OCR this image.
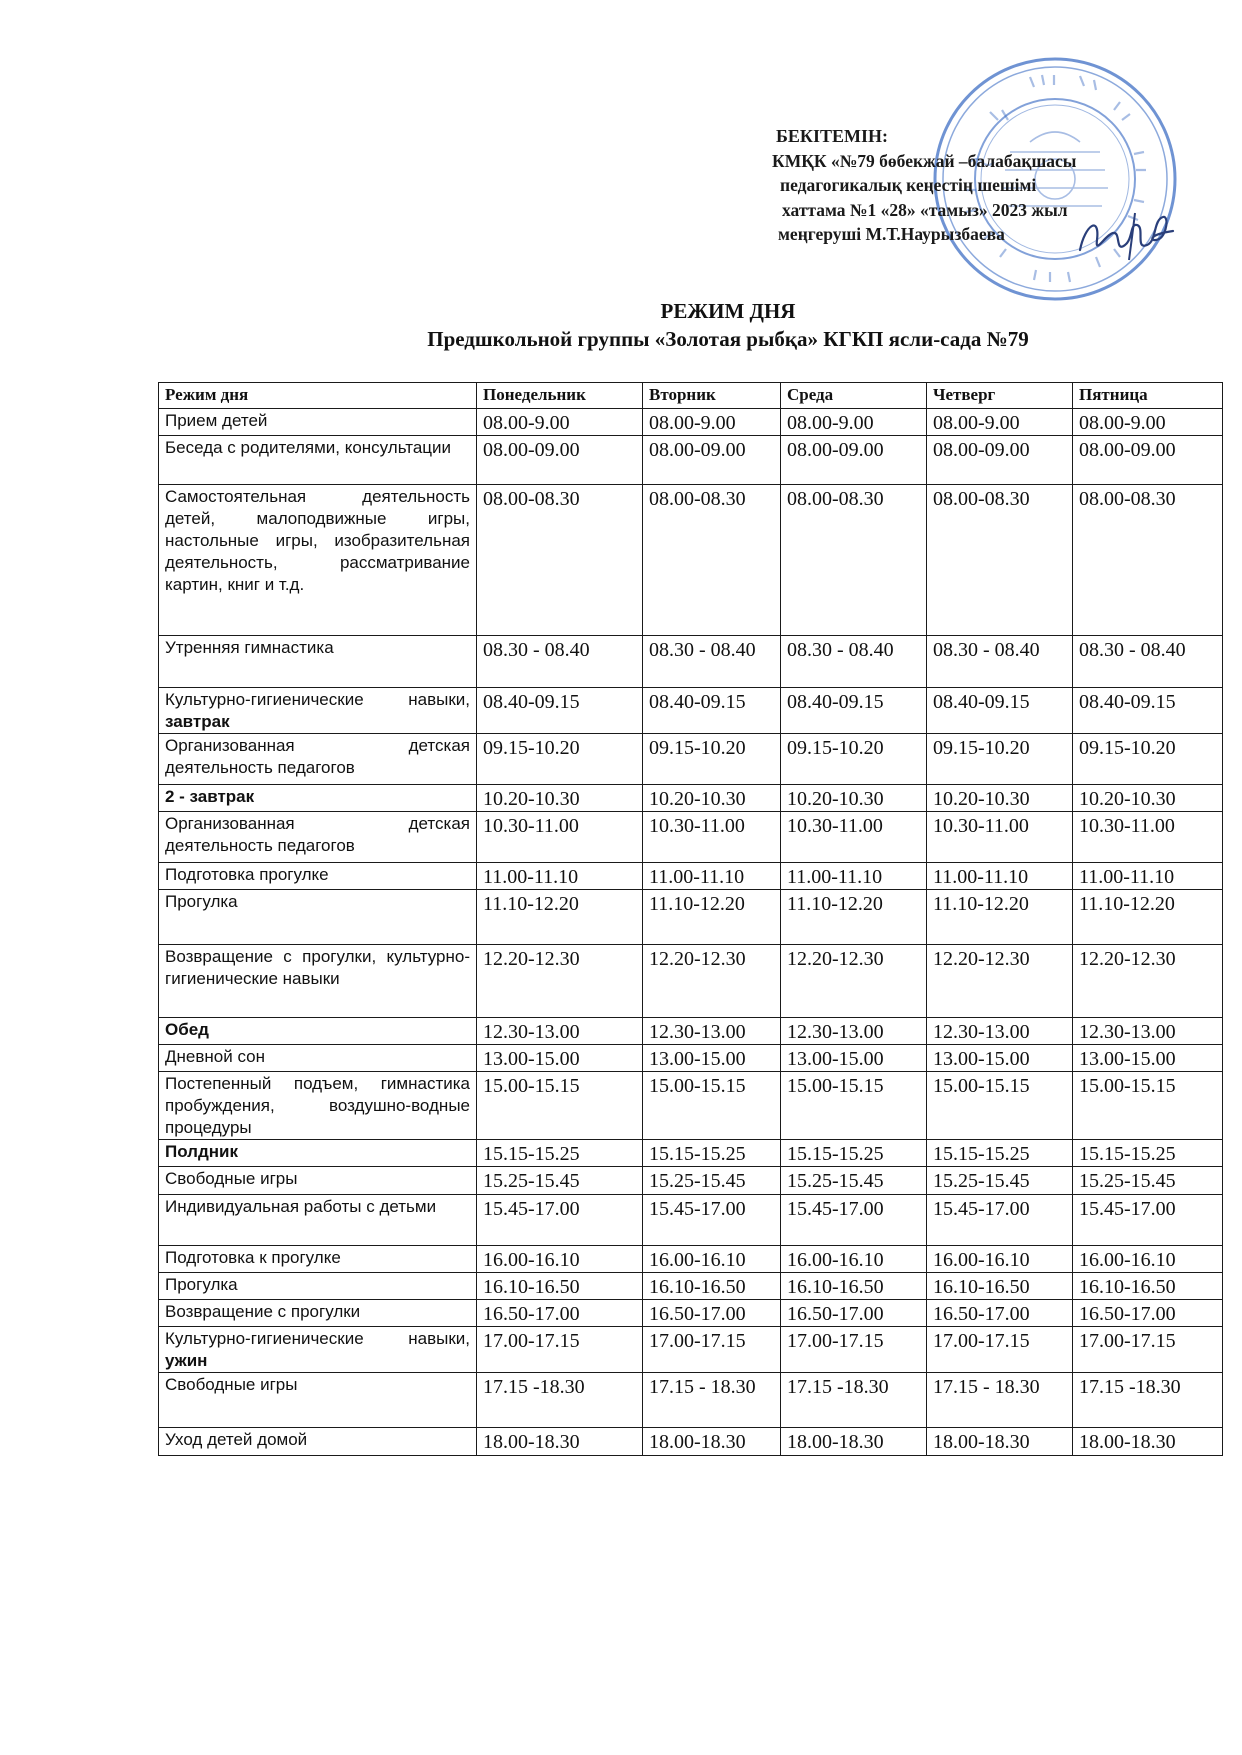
БЕКІТЕМІН:
КМҚК «№79 бөбекжай –балабақшасы
педагогикалық кеңестің шешімі
хаттама №1 «28» «тамыз» 2023 жыл
меңгеруші М.Т.Наурызбаева
РЕЖИМ ДНЯ
Предшкольной группы «Золотая рыбқа» КГКП ясли-сада №79
Режим дня	Понедельник	Вторник	Среда	Четверг	Пятница
Прием детей	08.00-9.00	08.00-9.00	08.00-9.00	08.00-9.00	08.00-9.00
Беседа с родителями, консультации	08.00-09.00	08.00-09.00	08.00-09.00	08.00-09.00	08.00-09.00
Самостоятельная деятельность детей, малоподвижные игры, настольные игры, изобразительная деятельность, рассматривание картин, книг и т.д.	08.00-08.30	08.00-08.30	08.00-08.30	08.00-08.30	08.00-08.30
Утренняя гимнастика	08.30 - 08.40	08.30 - 08.40	08.30 - 08.40	08.30 - 08.40	08.30 - 08.40
Культурно-гигиенические навыки, завтрак	08.40-09.15	08.40-09.15	08.40-09.15	08.40-09.15	08.40-09.15
Организованная детская деятельность педагогов	09.15-10.20	09.15-10.20	09.15-10.20	09.15-10.20	09.15-10.20
2 - завтрак	10.20-10.30	10.20-10.30	10.20-10.30	10.20-10.30	10.20-10.30
Организованная детская деятельность педагогов	10.30-11.00	10.30-11.00	10.30-11.00	10.30-11.00	10.30-11.00
Подготовка прогулке	11.00-11.10	11.00-11.10	11.00-11.10	11.00-11.10	11.00-11.10
Прогулка	11.10-12.20	11.10-12.20	11.10-12.20	11.10-12.20	11.10-12.20
Возвращение с прогулки, культурно-гигиенические навыки	12.20-12.30	12.20-12.30	12.20-12.30	12.20-12.30	12.20-12.30
Обед	12.30-13.00	12.30-13.00	12.30-13.00	12.30-13.00	12.30-13.00
Дневной сон	13.00-15.00	13.00-15.00	13.00-15.00	13.00-15.00	13.00-15.00
Постепенный подъем, гимнастика пробуждения, воздушно-водные процедуры	15.00-15.15	15.00-15.15	15.00-15.15	15.00-15.15	15.00-15.15
Полдник	15.15-15.25	15.15-15.25	15.15-15.25	15.15-15.25	15.15-15.25
Свободные игры	15.25-15.45	15.25-15.45	15.25-15.45	15.25-15.45	15.25-15.45
Индивидуальная работы с детьми	15.45-17.00	15.45-17.00	15.45-17.00	15.45-17.00	15.45-17.00
Подготовка к прогулке	16.00-16.10	16.00-16.10	16.00-16.10	16.00-16.10	16.00-16.10
Прогулка	16.10-16.50	16.10-16.50	16.10-16.50	16.10-16.50	16.10-16.50
Возвращение с прогулки	16.50-17.00	16.50-17.00	16.50-17.00	16.50-17.00	16.50-17.00
Культурно-гигиенические навыки, ужин	17.00-17.15	17.00-17.15	17.00-17.15	17.00-17.15	17.00-17.15
Свободные игры	17.15 -18.30	17.15 - 18.30	17.15 -18.30	17.15 - 18.30	17.15 -18.30
Уход детей домой	18.00-18.30	18.00-18.30	18.00-18.30	18.00-18.30	18.00-18.30
